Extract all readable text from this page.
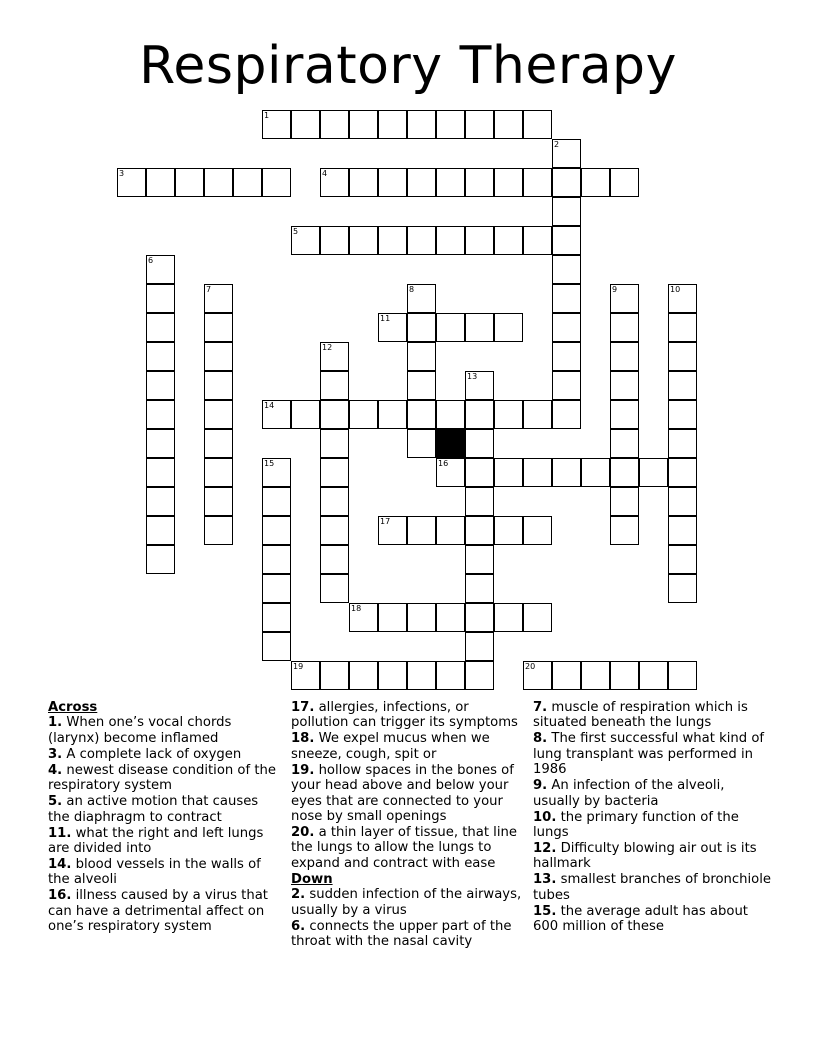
Respiratory Therapy
1
3	4
5
11
14
16
17
18
19	20
2
6
7	8	9	10
12
13
15
Across
1. When one’s vocal chords (larynx) become inflamed
3. A complete lack of oxygen
4. newest disease condition of the respiratory system
5. an active motion that causes the diaphragm to contract
11. what the right and left lungs are divided into
14. blood vessels in the walls of the alveoli
16. illness caused by a virus that can have a detrimental affect on one’s respiratory system
17. allergies, infections, or pollution can trigger its symptoms
18. We expel mucus when we sneeze, cough, spit or
19. hollow spaces in the bones of your head above and below your eyes that are connected to your nose by small openings
20. a thin layer of tissue, that line the lungs to allow the lungs to expand and contract with ease
Down
2. sudden infection of the airways, usually by a virus
6. connects the upper part of the throat with the nasal cavity
7. muscle of respiration which is situated beneath the lungs
8. The first successful what kind of lung transplant was performed in 1986
9. An infection of the alveoli, usually by bacteria
10. the primary function of the lungs
12. Difficulty blowing air out is its hallmark
13. smallest branches of bronchiole tubes
15. the average adult has about 600 million of these
